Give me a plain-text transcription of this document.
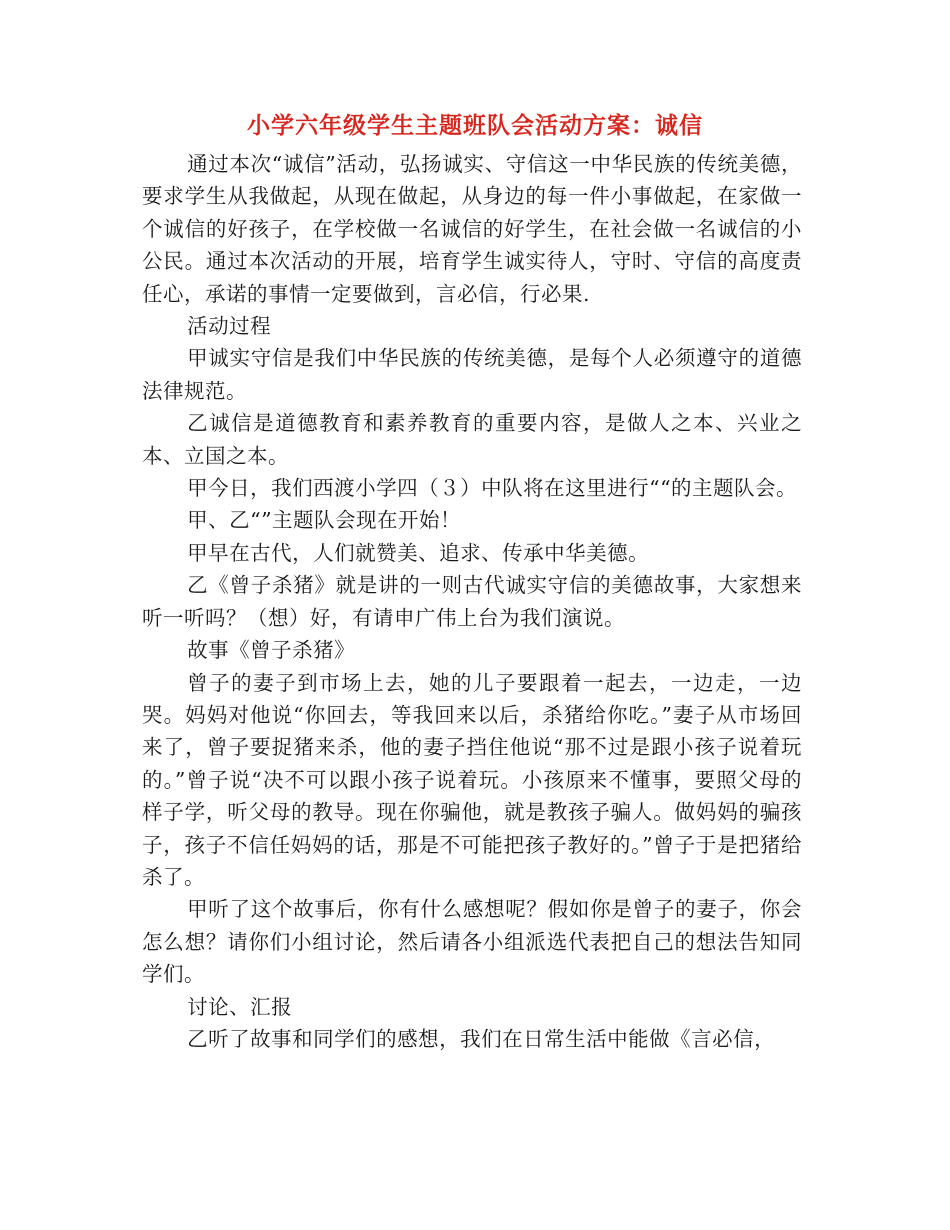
小学六年级学生主题班队会活动方案：诚信

通过本次“诚信”活动，弘扬诚实、守信这一中华民族的传统美德，要求学生从我做起，从现在做起，从身边的每一件小事做起，在家做一个诚信的好孩子，在学校做一名诚信的好学生，在社会做一名诚信的小公民。通过本次活动的开展，培育学生诚实待人，守时、守信的高度责任心，承诺的事情一定要做到，言必信，行必果.

活动过程

甲诚实守信是我们中华民族的传统美德，是每个人必须遵守的道德法律规范。

乙诚信是道德教育和素养教育的重要内容，是做人之本、兴业之本、立国之本。

甲今日，我们西渡小学四（３）中队将在这里进行““的主题队会。

甲、乙“”主题队会现在开始！

甲早在古代，人们就赞美、追求、传承中华美德。

乙《曾子杀猪》就是讲的一则古代诚实守信的美德故事，大家想来听一听吗？（想）好，有请申广伟上台为我们演说。

故事《曾子杀猪》

曾子的妻子到市场上去，她的儿子要跟着一起去，一边走，一边哭。妈妈对他说“你回去，等我回来以后，杀猪给你吃。”妻子从市场回来了，曾子要捉猪来杀，他的妻子挡住他说“那不过是跟小孩子说着玩的。”曾子说“决不可以跟小孩子说着玩。小孩原来不懂事，要照父母的样子学，听父母的教导。现在你骗他，就是教孩子骗人。做妈妈的骗孩子，孩子不信任妈妈的话，那是不可能把孩子教好的。”曾子于是把猪给杀了。

甲听了这个故事后，你有什么感想呢？假如你是曾子的妻子，你会怎么想？请你们小组讨论，然后请各小组派选代表把自己的想法告知同学们。

讨论、汇报

乙听了故事和同学们的感想，我们在日常生活中能做《言必信，
